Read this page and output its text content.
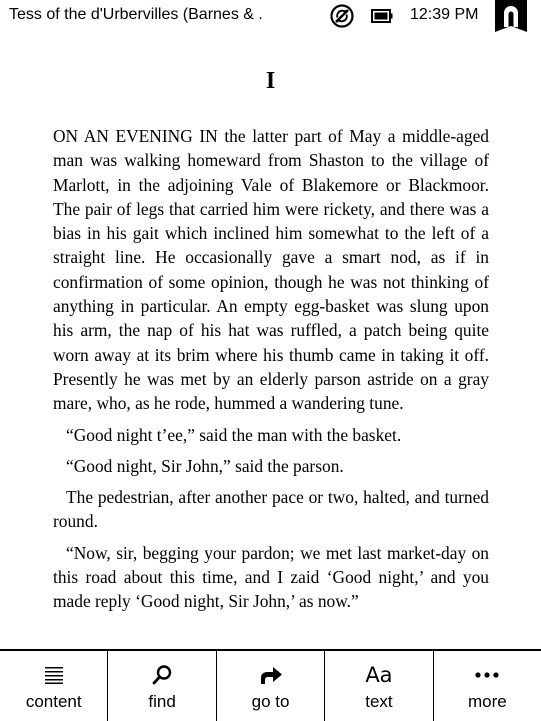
Tess of the d'Urbervilles (Barnes & .	12:39 PM
I

ON AN EVENING IN the latter part of May a middle-aged man was walking homeward from Shaston to the village of Marlott, in the adjoining Vale of Blakemore or Blackmoor. The pair of legs that carried him were rickety, and there was a bias in his gait which inclined him somewhat to the left of a straight line. He occasionally gave a smart nod, as if in confirmation of some opinion, though he was not thinking of anything in particular. An empty egg-basket was slung upon his arm, the nap of his hat was ruffled, a patch being quite worn away at its brim where his thumb came in taking it off. Presently he was met by an elderly parson astride on a gray mare, who, as he rode, hummed a wandering tune.

“Good night t’ee,” said the man with the basket.

“Good night, Sir John,” said the parson.

The pedestrian, after another pace or two, halted, and turned round.

“Now, sir, begging your pardon; we met last market-day on this road about this time, and I zaid ‘Good night,’ and you made reply ‘Good night, Sir John,’ as now.”

content	find	go to
Aa
text	more
